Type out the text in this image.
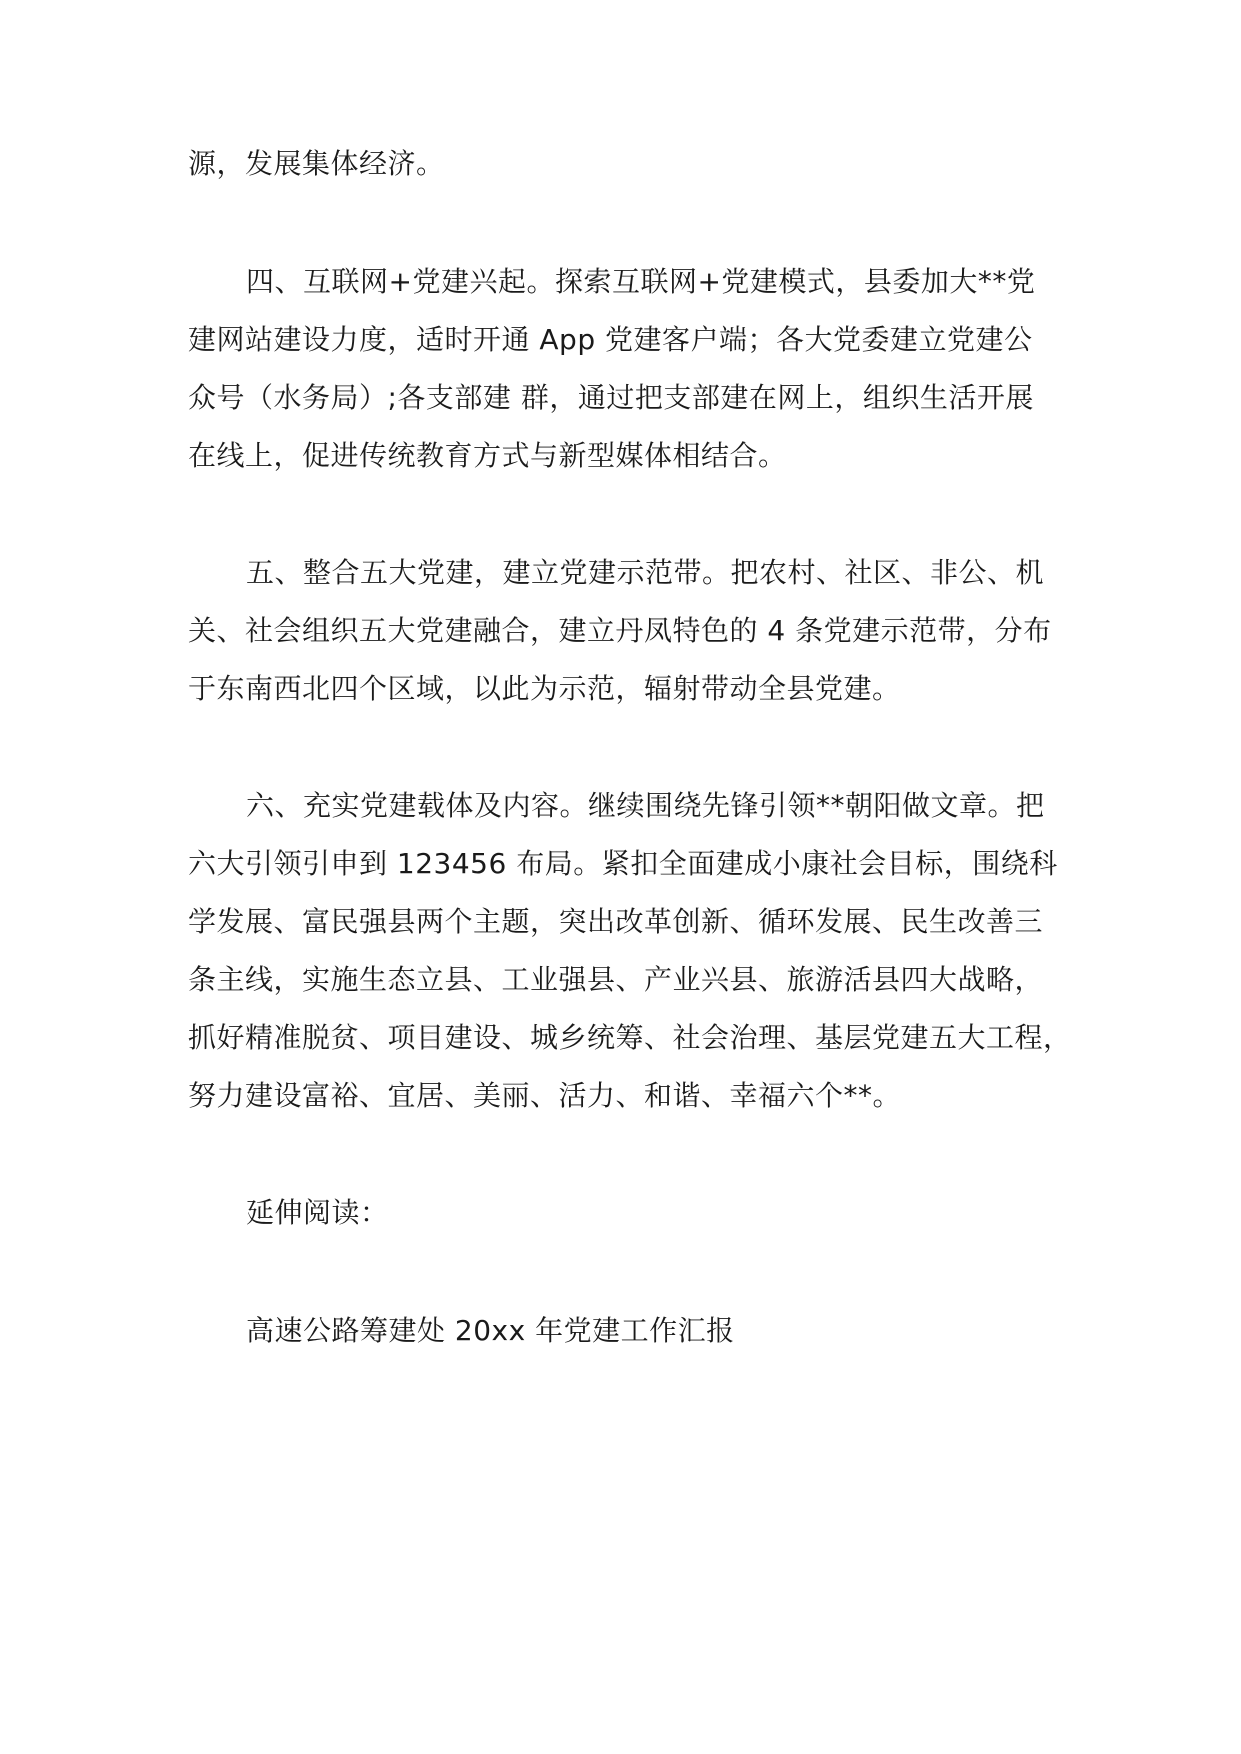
源，发展集体经济。
四、互联网+党建兴起。探索互联网+党建模式，县委加大**党
建网站建设力度，适时开通 App 党建客户端；各大党委建立党建公
众号（水务局）;各支部建 群，通过把支部建在网上，组织生活开展
在线上，促进传统教育方式与新型媒体相结合。
五、整合五大党建，建立党建示范带。把农村、社区、非公、机
关、社会组织五大党建融合，建立丹凤特色的 4 条党建示范带，分布
于东南西北四个区域，以此为示范，辐射带动全县党建。
六、充实党建载体及内容。继续围绕先锋引领**朝阳做文章。把
六大引领引申到 123456 布局。紧扣全面建成小康社会目标，围绕科
学发展、富民强县两个主题，突出改革创新、循环发展、民生改善三
条主线，实施生态立县、工业强县、产业兴县、旅游活县四大战略，
抓好精准脱贫、项目建设、城乡统筹、社会治理、基层党建五大工程，
努力建设富裕、宜居、美丽、活力、和谐、幸福六个**。
延伸阅读：
高速公路筹建处 20xx 年党建工作汇报
